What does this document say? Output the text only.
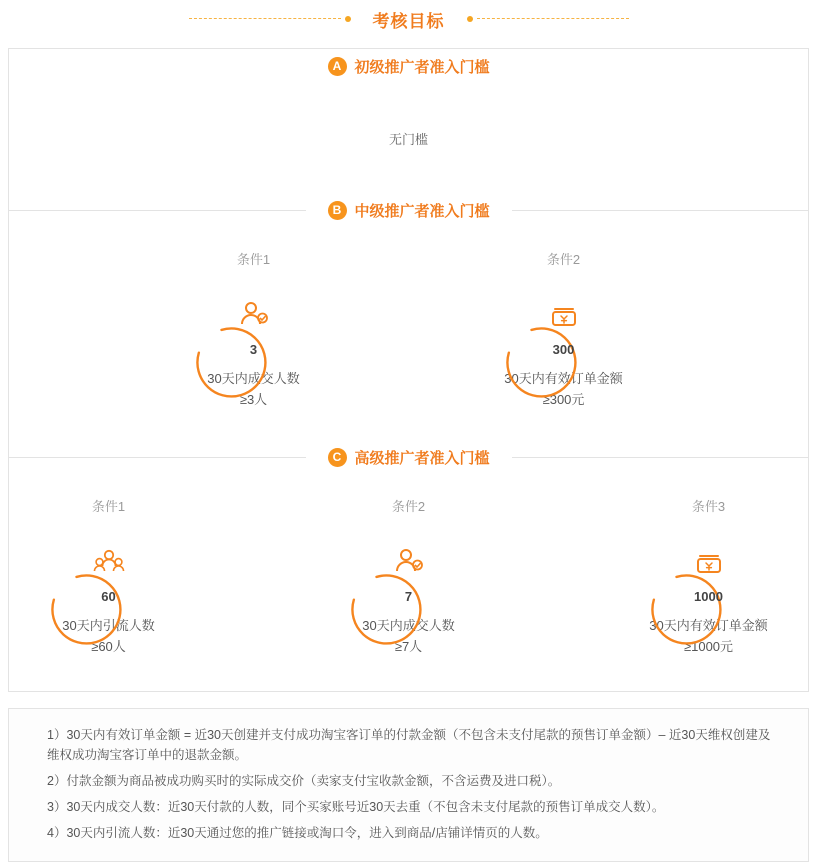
考核目标
A 初级推广者准入门槛
无门槛
B 中级推广者准入门槛
条件1
3
30天内成交人数
≥3人
条件2
300
30天内有效订单金额
≥300元
C 高级推广者准入门槛
条件1
60
30天内引流人数
≥60人
条件2
7
30天内成交人数
≥7人
条件3
1000
30天内有效订单金额
≥1000元

1）30天内有效订单金额 = 近30天创建并支付成功淘宝客订单的付款金额（不包含未支付尾款的预售订单金额）– 近30天维权创建及维权成功淘宝客订单中的退款金额。

2）付款金额为商品被成功购买时的实际成交价（卖家支付宝收款金额，不含运费及进口税）。

3）30天内成交人数：近30天付款的人数，同个买家账号近30天去重（不包含未支付尾款的预售订单成交人数）。

4）30天内引流人数：近30天通过您的推广链接或淘口令，进入到商品/店铺详情页的人数。
